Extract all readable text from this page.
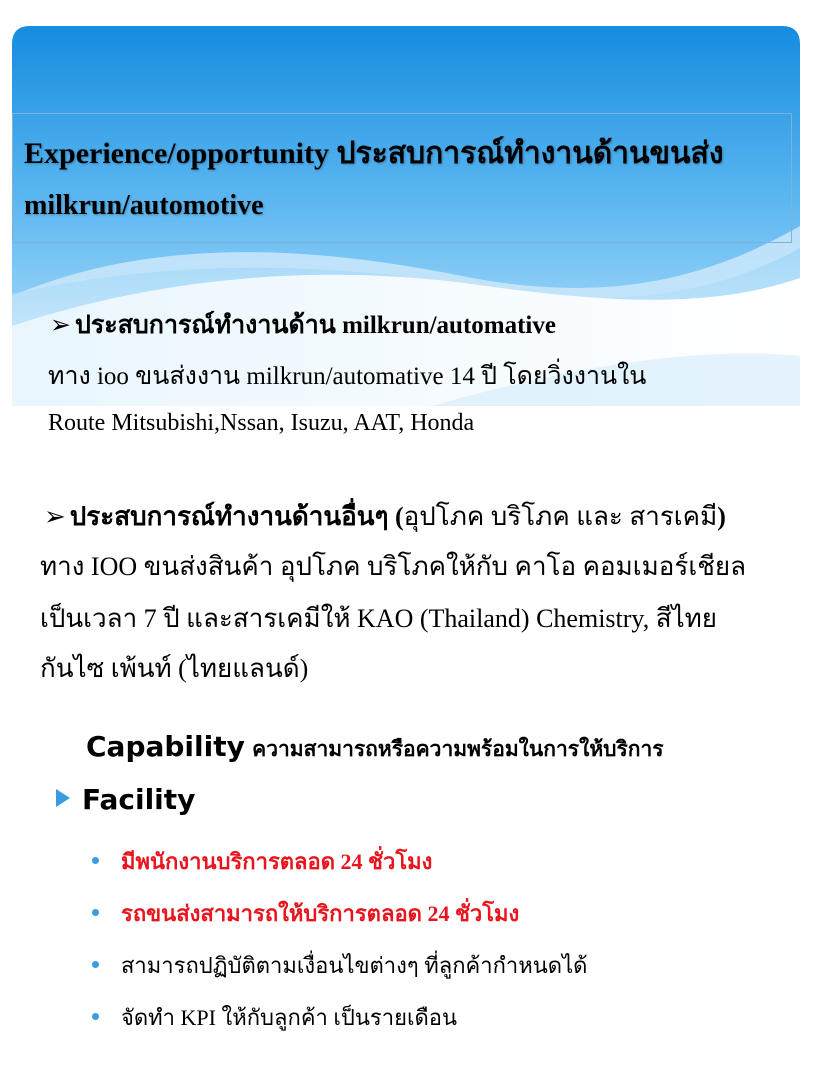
Experience/opportunity ประสบการณ์ทำงานด้านขนส่ง
milkrun/automotive
➢ ประสบการณ์ทำงานด้าน milkrun/automative
ทาง ioo ขนส่งงาน milkrun/automative 14 ปี โดยวิ่งงานใน
Route Mitsubishi,Nssan, Isuzu, AAT, Honda
➢ ประสบการณ์ทำงานด้านอื่นๆ (อุปโภค บริโภค และ สารเคมี)
ทาง IOO ขนส่งสินค้า อุปโภค บริโภคให้กับ คาโอ คอมเมอร์เชียล
เป็นเวลา 7 ปี และสารเคมีให้ KAO (Thailand) Chemistry, สีไทย
กันไซ เพ้นท์ (ไทยแลนด์)
Capability ความสามารถหรือความพร้อมในการให้บริการ
Facility
มีพนักงานบริการตลอด 24 ชั่วโมง
รถขนส่งสามารถให้บริการตลอด 24 ชั่วโมง
สามารถปฏิบัติตามเงื่อนไขต่างๆ ที่ลูกค้ากำหนดได้
จัดทำ KPI ให้กับลูกค้า เป็นรายเดือน
